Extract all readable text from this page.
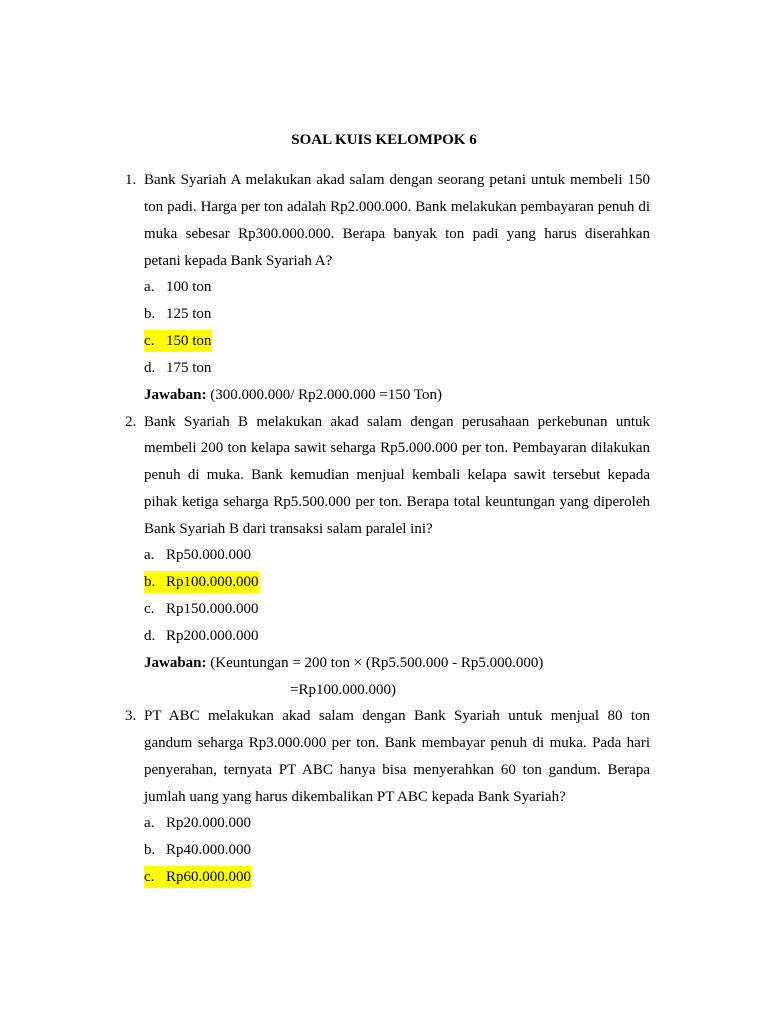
SOAL KUIS KELOMPOK 6
1. Bank Syariah A melakukan akad salam dengan seorang petani untuk membeli 150
ton padi. Harga per ton adalah Rp2.000.000. Bank melakukan pembayaran penuh di
muka sebesar Rp300.000.000. Berapa banyak ton padi yang harus diserahkan
petani kepada Bank Syariah A?
a. 100 ton
b. 125 ton
c. 150 ton
d. 175 ton
Jawaban: (300.000.000/ Rp2.000.000 =150 Ton)
2. Bank Syariah B melakukan akad salam dengan perusahaan perkebunan untuk
membeli 200 ton kelapa sawit seharga Rp5.000.000 per ton. Pembayaran dilakukan
penuh di muka. Bank kemudian menjual kembali kelapa sawit tersebut kepada
pihak ketiga seharga Rp5.500.000 per ton. Berapa total keuntungan yang diperoleh
Bank Syariah B dari transaksi salam paralel ini?
a. Rp50.000.000
b. Rp100.000.000
c. Rp150.000.000
d. Rp200.000.000
Jawaban: (Keuntungan = 200 ton × (Rp5.500.000 - Rp5.000.000)
=Rp100.000.000)
3. PT ABC melakukan akad salam dengan Bank Syariah untuk menjual 80 ton
gandum seharga Rp3.000.000 per ton. Bank membayar penuh di muka. Pada hari
penyerahan, ternyata PT ABC hanya bisa menyerahkan 60 ton gandum. Berapa
jumlah uang yang harus dikembalikan PT ABC kepada Bank Syariah?
a. Rp20.000.000
b. Rp40.000.000
c. Rp60.000.000
